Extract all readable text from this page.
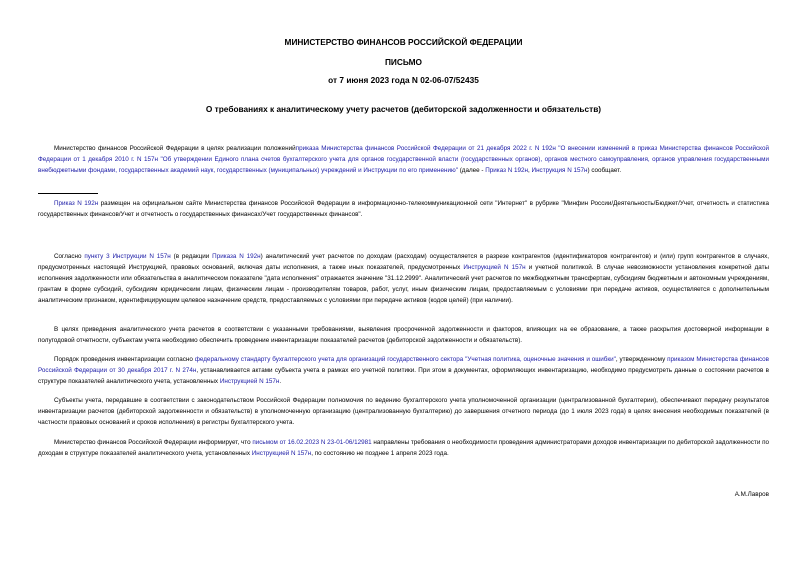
МИНИСТЕРСТВО ФИНАНСОВ РОССИЙСКОЙ ФЕДЕРАЦИИ
ПИСЬМО
от 7 июня 2023 года N 02-06-07/52435
О требованиях к аналитическому учету расчетов (дебиторской задолженности и обязательств)
Министерство финансов Российской Федерации в целях реализации положенийприказа Министерства финансов Российской Федерации от 21 декабря 2022 г. N 192н "О внесении изменений в приказ Министерства финансов Российской Федерации от 1 декабря 2010 г. N 157н "Об утверждении Единого плана счетов бухгалтерского учета для органов государственной власти (государственных органов), органов местного самоуправления, органов управления государственными внебюджетными фондами, государственных академий наук, государственных (муниципальных) учреждений и Инструкции по его применению" (далее - Приказ N 192н, Инструкция N 157н) сообщает.
Приказ N 192н размещен на официальном сайте Министерства финансов Российской Федерации в информационно-телекоммуникационной сети "Интернет" в рубрике "Минфин России/Деятельность/Бюджет/Учет, отчетность и статистика государственных финансов/Учет и отчетность о государственных финансах/Учет государственных финансов".
Согласно пункту 3 Инструкции N 157н (в редакции Приказа N 192н) аналитический учет расчетов по доходам (расходам) осуществляется в разрезе контрагентов (идентификаторов контрагентов) и (или) групп контрагентов в случаях, предусмотренных настоящей Инструкцией, правовых оснований, включая даты исполнения, а также иных показателей, предусмотренных Инструкцией N 157н и учетной политикой. В случае невозможности установления конкретной даты исполнения задолженности или обязательства в аналитическом показателе "дата исполнения" отражается значение "31.12.2999". Аналитический учет расчетов по межбюджетным трансфертам, субсидиям бюджетным и автономным учреждениям, грантам в форме субсидий, субсидиям юридическим лицам, физическим лицам - производителям товаров, работ, услуг, иным физическим лицам, предоставляемым с условиями при передаче активов, осуществляется с дополнительным аналитическим признаком, идентифицирующим целевое назначение средств, предоставляемых с условиями при передаче активов (кодов целей) (при наличии).
В целях приведения аналитического учета расчетов в соответствии с указанными требованиями, выявления просроченной задолженности и факторов, влияющих на ее образование, а также раскрытия достоверной информации в полугодовой отчетности, субъектам учета необходимо обеспечить проведение инвентаризации показателей расчетов (дебиторской задолженности и обязательств).
Порядок проведения инвентаризации согласно федеральному стандарту бухгалтерского учета для организаций государственного сектора "Учетная политика, оценочные значения и ошибки", утвержденному приказом Министерства финансов Российской Федерации от 30 декабря 2017 г. N 274н, устанавливается актами субъекта учета в рамках его учетной политики. При этом в документах, оформляющих инвентаризацию, необходимо предусмотреть данные о состоянии расчетов в структуре показателей аналитического учета, установленных Инструкцией N 157н.
Субъекты учета, передавшие в соответствии с законодательством Российской Федерации полномочия по ведению бухгалтерского учета уполномоченной организации (централизованной бухгалтерии), обеспечивают передачу результатов инвентаризации расчетов (дебиторской задолженности и обязательств) в уполномоченную организацию (централизованную бухгалтерию) до завершения отчетного периода (до 1 июля 2023 года) в целях внесения необходимых показателей (в частности правовых оснований и сроков исполнения) в регистры бухгалтерского учета.
Министерство финансов Российской Федерации информирует, что письмом от 16.02.2023 N 23-01-06/12981 направлены требования о необходимости проведения администраторами доходов инвентаризации по дебиторской задолженности по доходам в структуре показателей аналитического учета, установленных Инструкцией N 157н, по состоянию не позднее 1 апреля 2023 года.
А.М.Лавров
